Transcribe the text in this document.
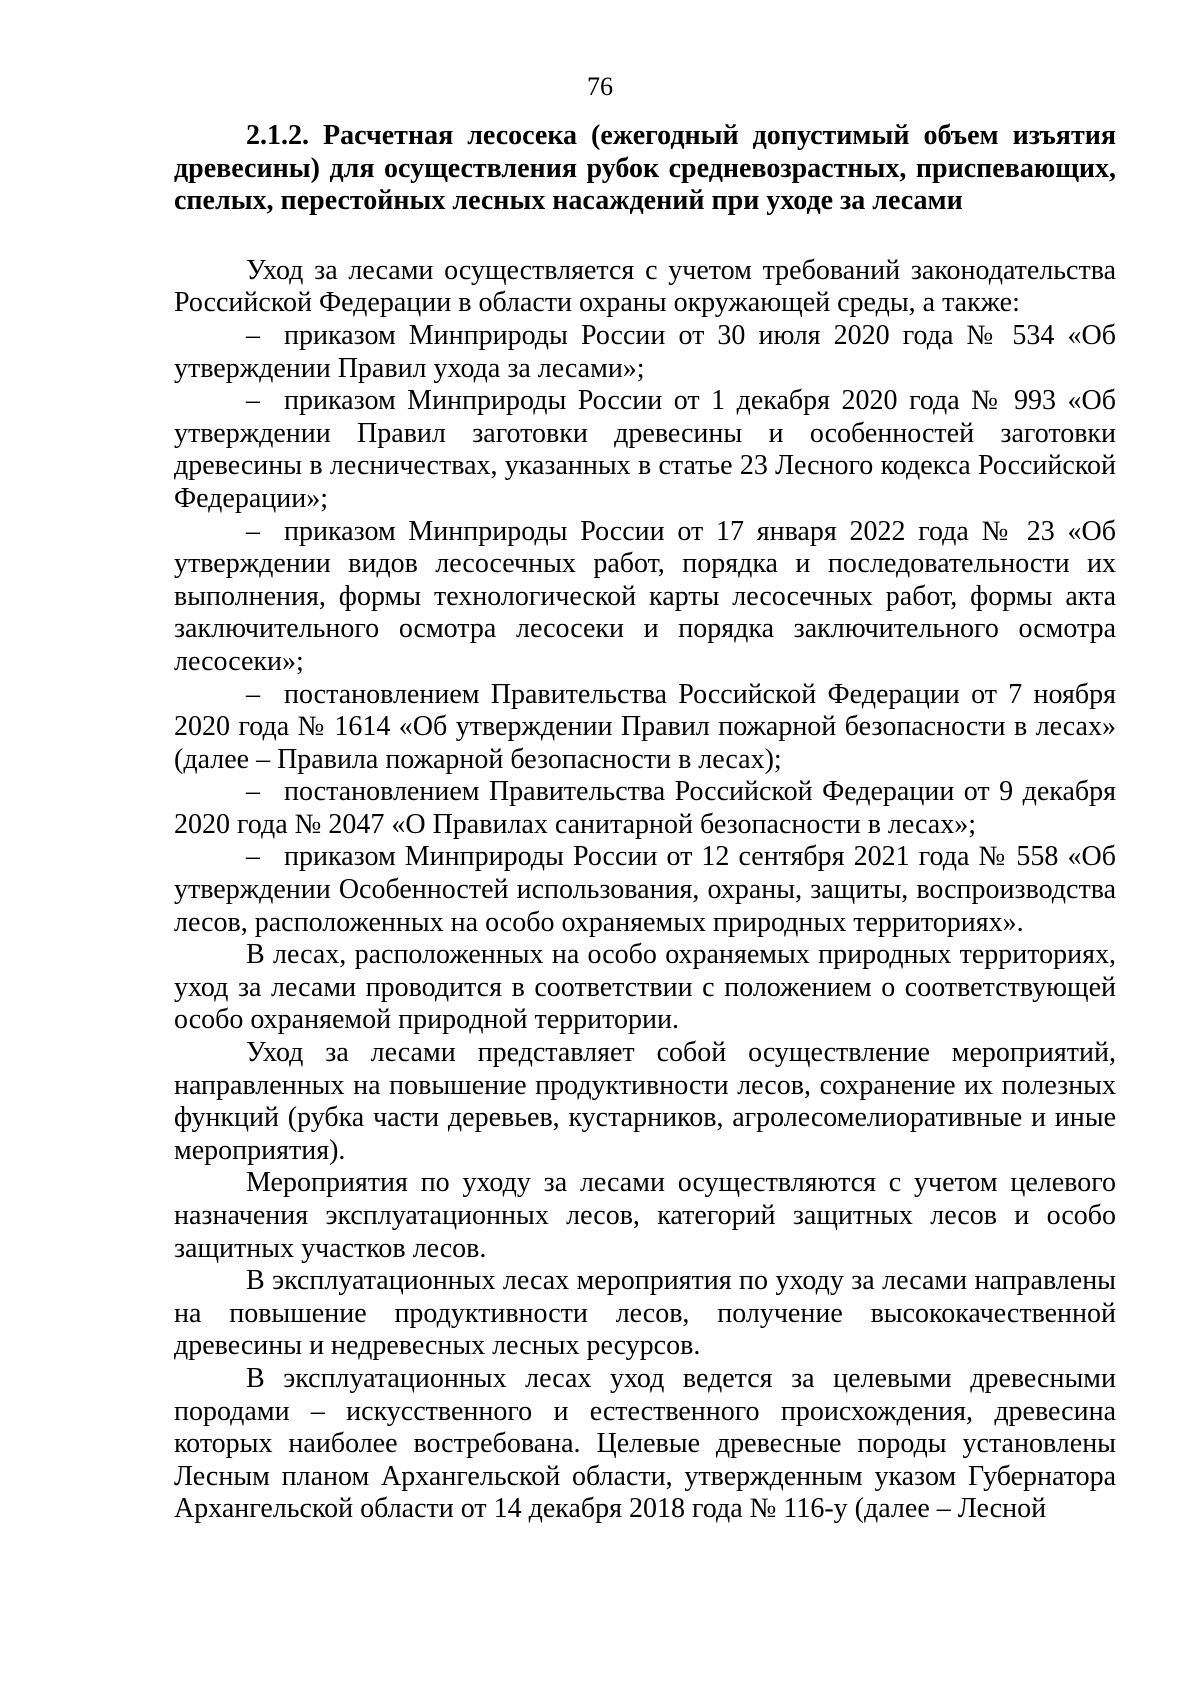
76

2.1.2. Расчетная лесосека (ежегодный допустимый объем изъятия древесины) для осуществления рубок средневозрастных, приспевающих, спелых, перестойных лесных насаждений при уходе за лесами

Уход за лесами осуществляется с учетом требований законодательства Российской Федерации в области охраны окружающей среды, а также:

– приказом Минприроды России от 30 июля 2020 года № 534 «Об утверждении Правил ухода за лесами»;

– приказом Минприроды России от 1 декабря 2020 года № 993 «Об утверждении Правил заготовки древесины и особенностей заготовки древесины в лесничествах, указанных в статье 23 Лесного кодекса Российской Федерации»;

– приказом Минприроды России от 17 января 2022 года № 23 «Об утверждении видов лесосечных работ, порядка и последовательности их выполнения, формы технологической карты лесосечных работ, формы акта заключительного осмотра лесосеки и порядка заключительного осмотра лесосеки»;

– постановлением Правительства Российской Федерации от 7 ноября 2020 года № 1614 «Об утверждении Правил пожарной безопасности в лесах» (далее – Правила пожарной безопасности в лесах);

– постановлением Правительства Российской Федерации от 9 декабря 2020 года № 2047 «О Правилах санитарной безопасности в лесах»;

– приказом Минприроды России от 12 сентября 2021 года № 558 «Об утверждении Особенностей использования, охраны, защиты, воспроизводства лесов, расположенных на особо охраняемых природных территориях».

В лесах, расположенных на особо охраняемых природных территориях, уход за лесами проводится в соответствии с положением о соответствующей особо охраняемой природной территории.

Уход за лесами представляет собой осуществление мероприятий, направленных на повышение продуктивности лесов, сохранение их полезных функций (рубка части деревьев, кустарников, агролесомелиоративные и иные мероприятия).

Мероприятия по уходу за лесами осуществляются с учетом целевого назначения эксплуатационных лесов, категорий защитных лесов и особо защитных участков лесов.

В эксплуатационных лесах мероприятия по уходу за лесами направлены на повышение продуктивности лесов, получение высококачественной древесины и недревесных лесных ресурсов.

В эксплуатационных лесах уход ведется за целевыми древесными породами – искусственного и естественного происхождения, древесина которых наиболее востребована. Целевые древесные породы установлены Лесным планом Архангельской области, утвержденным указом Губернатора Архангельской области от 14 декабря 2018 года № 116-у (далее – Лесной
